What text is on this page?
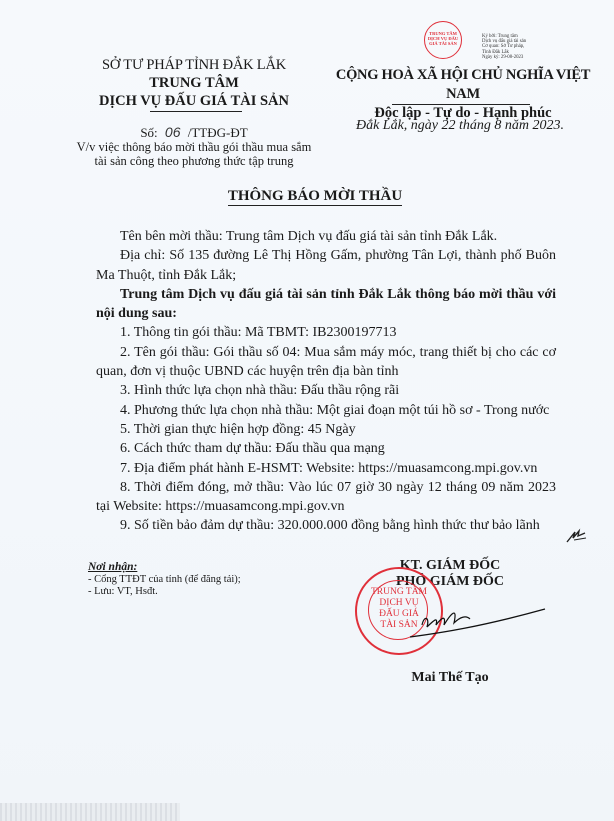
SỞ TƯ PHÁP TỈNH ĐẮK LẮK
TRUNG TÂM
DỊCH VỤ ĐẤU GIÁ TÀI SẢN
Số: 06 /TTĐG-ĐT
V/v việc thông báo mời thầu gói thầu mua sắm
tài sản công theo phương thức tập trung
CỘNG HOÀ XÃ HỘI CHỦ NGHĨA VIỆT NAM
Độc lập - Tự do - Hạnh phúc
Đắk Lắk, ngày 22 tháng 8 năm 2023.
TRUNG TÂM DỊCH VỤ ĐẤU GIÁ TÀI SẢN
Ký bởi: Trung tâm
Dịch vụ đấu giá tài sản
Cơ quan: Sở Tư pháp,
Tỉnh Đắk Lắk
Ngày ký: 29-08-2023
THÔNG BÁO MỜI THẦU

Tên bên mời thầu: Trung tâm Dịch vụ đấu giá tài sản tỉnh Đắk Lắk.

Địa chỉ: Số 135 đường Lê Thị Hồng Gấm, phường Tân Lợi, thành phố Buôn Ma Thuột, tỉnh Đắk Lắk;

Trung tâm Dịch vụ đấu giá tài sản tỉnh Đắk Lắk thông báo mời thầu với nội dung sau:

1. Thông tin gói thầu: Mã TBMT: IB2300197713

2. Tên gói thầu: Gói thầu số 04: Mua sắm máy móc, trang thiết bị cho các cơ quan, đơn vị thuộc UBND các huyện trên địa bàn tỉnh

3. Hình thức lựa chọn nhà thầu: Đấu thầu rộng rãi

4. Phương thức lựa chọn nhà thầu: Một giai đoạn một túi hồ sơ - Trong nước

5. Thời gian thực hiện hợp đồng: 45 Ngày

6. Cách thức tham dự thầu: Đấu thầu qua mạng

7. Địa điểm phát hành E-HSMT: Website: https://muasamcong.mpi.gov.vn

8. Thời điểm đóng, mở thầu: Vào lúc 07 giờ 30 ngày 12 tháng 09 năm 2023 tại Website: https://muasamcong.mpi.gov.vn

9. Số tiền bảo đảm dự thầu: 320.000.000 đồng bằng hình thức thư bảo lãnh

Nơi nhận:
- Cổng TTĐT của tỉnh (để đăng tải);
- Lưu: VT, Hsđt.
KT. GIÁM ĐỐC
PHÓ GIÁM ĐỐC
TRUNG TÂM
DỊCH VỤ
ĐẤU GIÁ
TÀI SẢN
Mai Thế Tạo
